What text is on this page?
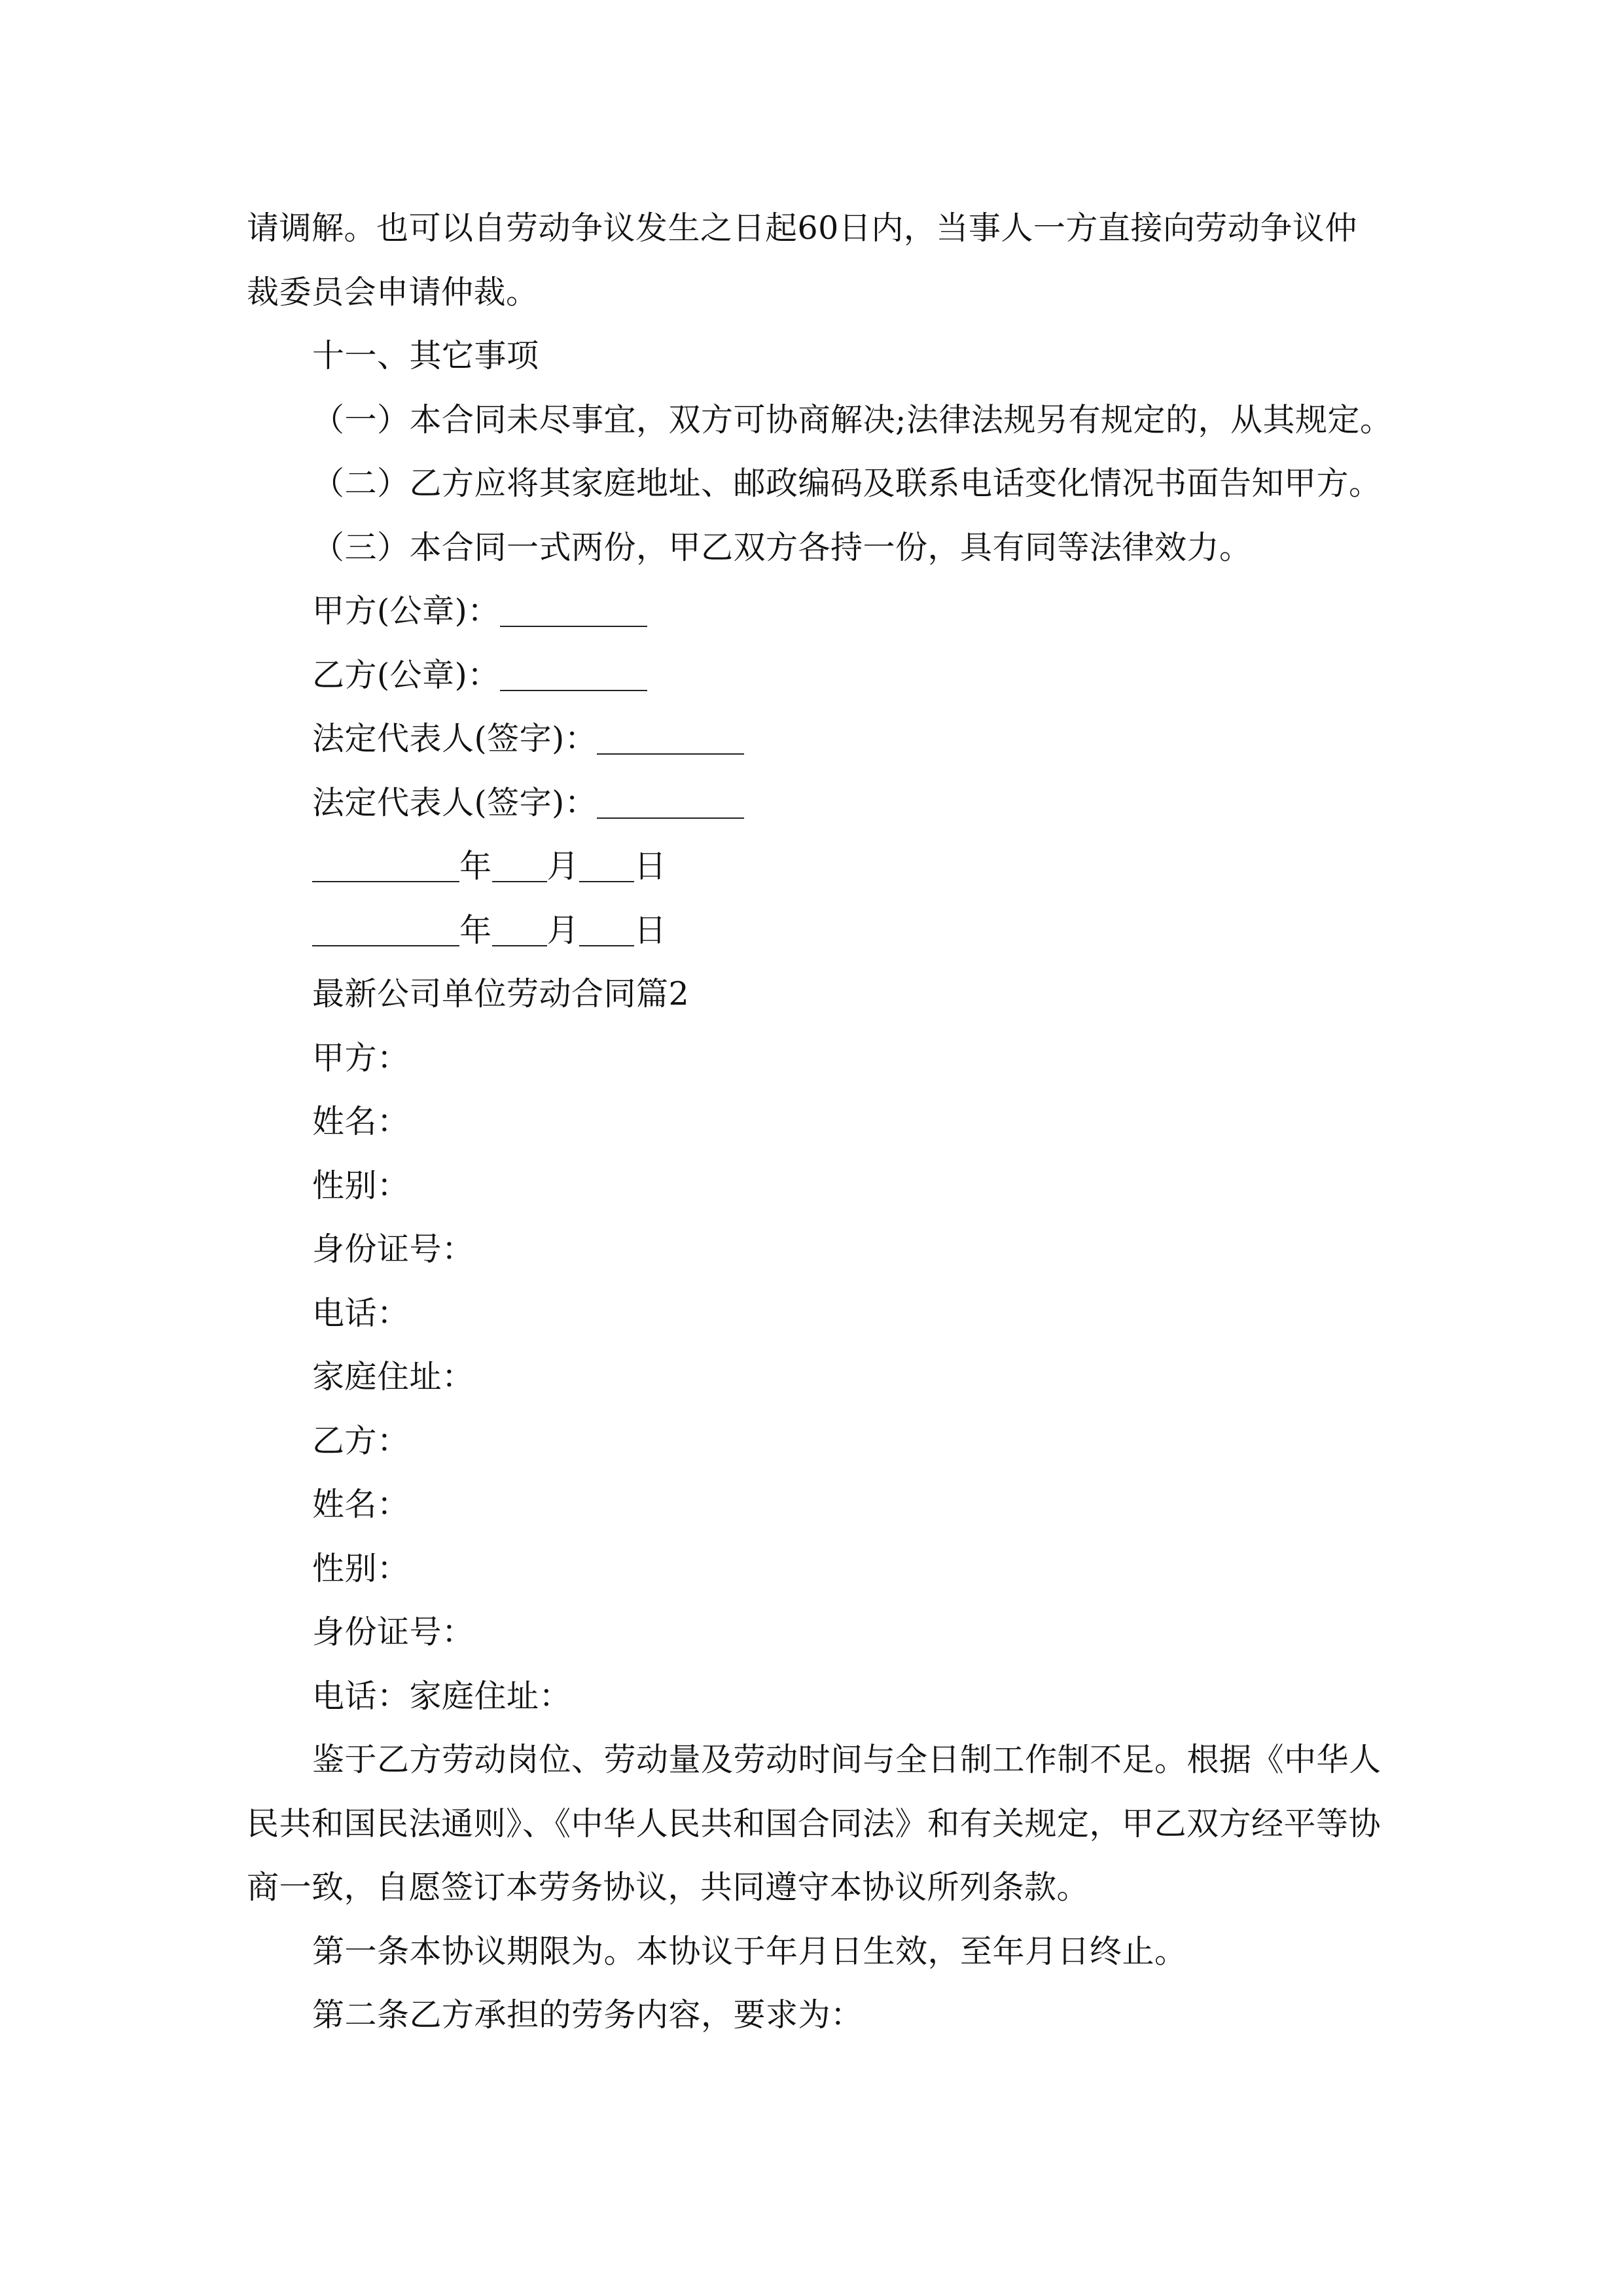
请调解。也可以自劳动争议发生之日起60日内，当事人一方直接向劳动争议仲
裁委员会申请仲裁。
十一、其它事项
（一）本合同未尽事宜，双方可协商解决;法律法规另有规定的，从其规定。
（二）乙方应将其家庭地址、邮政编码及联系电话变化情况书面告知甲方。
（三）本合同一式两份，甲乙双方各持一份，具有同等法律效力。
甲方(公章)：
乙方(公章)：
法定代表人(签字)：
法定代表人(签字)：
年 月 日
年 月 日
最新公司单位劳动合同篇2
甲方：
姓名：
性别：
身份证号：
电话：
家庭住址：
乙方：
姓名：
性别：
身份证号：
电话：家庭住址：
鉴于乙方劳动岗位、劳动量及劳动时间与全日制工作制不足。根据《中华人
民共和国民法通则》、《中华人民共和国合同法》和有关规定，甲乙双方经平等协
商一致，自愿签订本劳务协议，共同遵守本协议所列条款。
第一条本协议期限为。本协议于年月日生效，至年月日终止。
第二条乙方承担的劳务内容，要求为：
